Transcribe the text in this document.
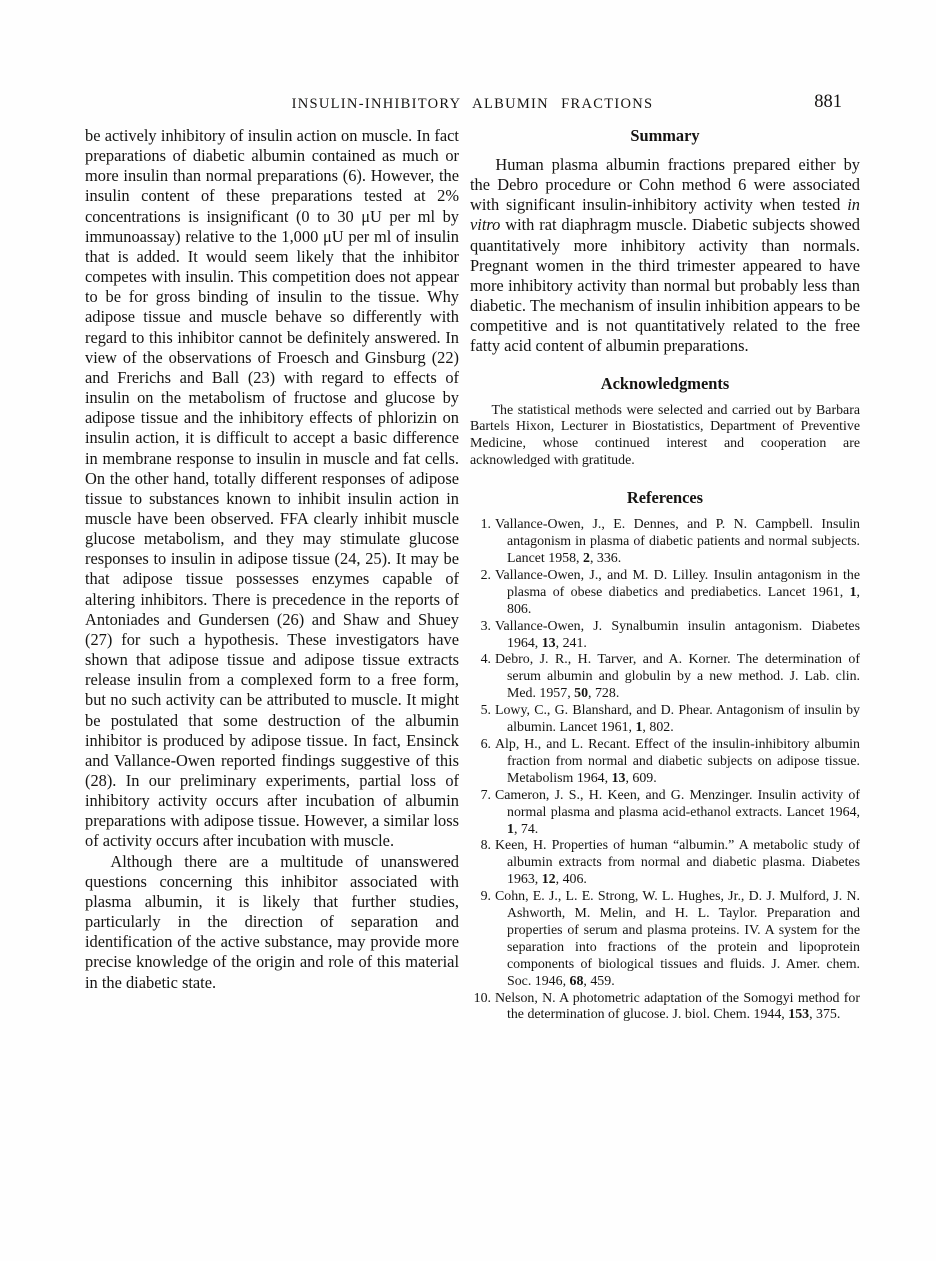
INSULIN-INHIBITORY ALBUMIN FRACTIONS	881

be actively inhibitory of insulin action on muscle. In fact preparations of diabetic albumin contained as much or more insulin than normal preparations (6). However, the insulin content of these preparations tested at 2% concentrations is insignificant (0 to 30 μU per ml by immunoassay) relative to the 1,000 μU per ml of insulin that is added. It would seem likely that the inhibitor competes with insulin. This competition does not appear to be for gross binding of insulin to the tissue. Why adipose tissue and muscle behave so differently with regard to this inhibitor cannot be definitely answered. In view of the observations of Froesch and Ginsburg (22) and Frerichs and Ball (23) with regard to effects of insulin on the metabolism of fructose and glucose by adipose tissue and the inhibitory effects of phlorizin on insulin action, it is difficult to accept a basic difference in membrane response to insulin in muscle and fat cells. On the other hand, totally different responses of adipose tissue to substances known to inhibit insulin action in muscle have been observed. FFA clearly inhibit muscle glucose metabolism, and they may stimulate glucose responses to insulin in adipose tissue (24, 25). It may be that adipose tissue possesses enzymes capable of altering inhibitors. There is precedence in the reports of Antoniades and Gundersen (26) and Shaw and Shuey (27) for such a hypothesis. These investigators have shown that adipose tissue and adipose tissue extracts release insulin from a complexed form to a free form, but no such activity can be attributed to muscle. It might be postulated that some destruction of the albumin inhibitor is produced by adipose tissue. In fact, Ensinck and Vallance-Owen reported findings suggestive of this (28). In our preliminary experiments, partial loss of inhibitory activity occurs after incubation of albumin preparations with adipose tissue. However, a similar loss of activity occurs after incubation with muscle.

Although there are a multitude of unanswered questions concerning this inhibitor associated with plasma albumin, it is likely that further studies, particularly in the direction of separation and identification of the active substance, may provide more precise knowledge of the origin and role of this material in the diabetic state.

Summary

Human plasma albumin fractions prepared either by the Debro procedure or Cohn method 6 were associated with significant insulin-inhibitory activity when tested in vitro with rat diaphragm muscle. Diabetic subjects showed quantitatively more inhibitory activity than normals. Pregnant women in the third trimester appeared to have more inhibitory activity than normal but probably less than diabetic. The mechanism of insulin inhibition appears to be competitive and is not quantitatively related to the free fatty acid content of albumin preparations.

Acknowledgments

The statistical methods were selected and carried out by Barbara Bartels Hixon, Lecturer in Biostatistics, Department of Preventive Medicine, whose continued interest and cooperation are acknowledged with gratitude.

References
1. Vallance-Owen, J., E. Dennes, and P. N. Campbell. Insulin antagonism in plasma of diabetic patients and normal subjects. Lancet 1958, 2, 336.
2. Vallance-Owen, J., and M. D. Lilley. Insulin antagonism in the plasma of obese diabetics and prediabetics. Lancet 1961, 1, 806.
3. Vallance-Owen, J. Synalbumin insulin antagonism. Diabetes 1964, 13, 241.
4. Debro, J. R., H. Tarver, and A. Korner. The determination of serum albumin and globulin by a new method. J. Lab. clin. Med. 1957, 50, 728.
5. Lowy, C., G. Blanshard, and D. Phear. Antagonism of insulin by albumin. Lancet 1961, 1, 802.
6. Alp, H., and L. Recant. Effect of the insulin-inhibitory albumin fraction from normal and diabetic subjects on adipose tissue. Metabolism 1964, 13, 609.
7. Cameron, J. S., H. Keen, and G. Menzinger. Insulin activity of normal plasma and plasma acid-ethanol extracts. Lancet 1964, 1, 74.
8. Keen, H. Properties of human “albumin.” A metabolic study of albumin extracts from normal and diabetic plasma. Diabetes 1963, 12, 406.
9. Cohn, E. J., L. E. Strong, W. L. Hughes, Jr., D. J. Mulford, J. N. Ashworth, M. Melin, and H. L. Taylor. Preparation and properties of serum and plasma proteins. IV. A system for the separation into fractions of the protein and lipoprotein components of biological tissues and fluids. J. Amer. chem. Soc. 1946, 68, 459.
10. Nelson, N. A photometric adaptation of the Somogyi method for the determination of glucose. J. biol. Chem. 1944, 153, 375.
